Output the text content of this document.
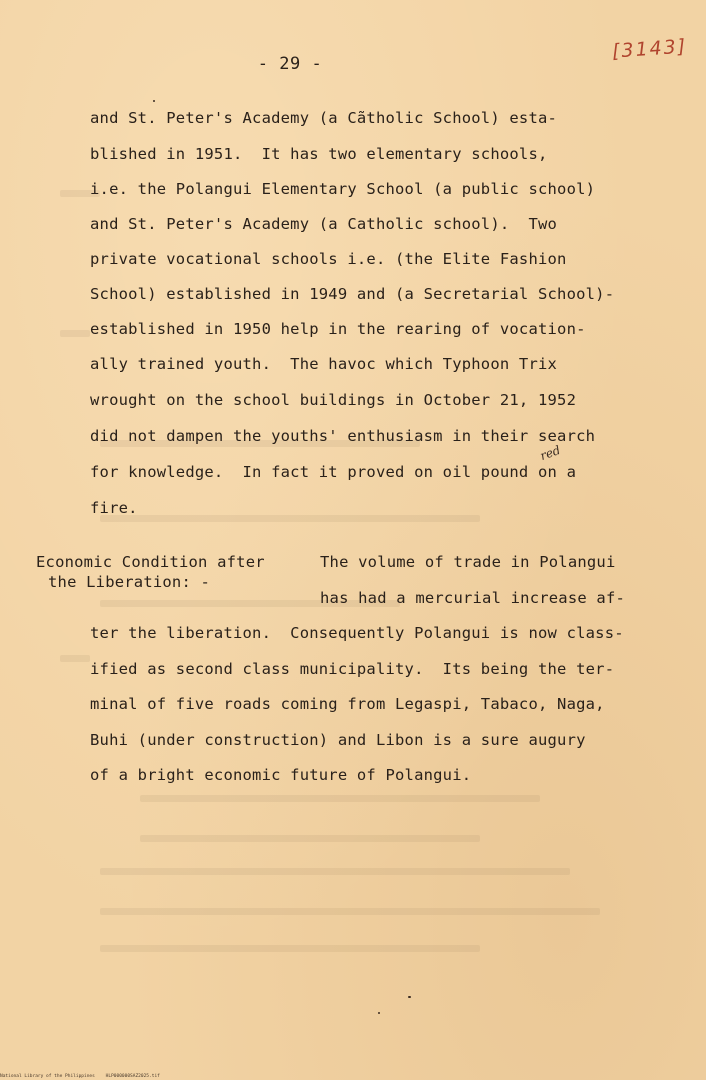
- 29 -
[3143]
and St. Peter's Academy (a Cãtholic School) esta-
blished in 1951.  It has two elementary schools,
i.e. the Polangui Elementary School (a public school)
and St. Peter's Academy (a Catholic school).  Two
private vocational schools i.e. (the Elite Fashion
School) established in 1949 and (a Secretarial School)-
established in 1950 help in the rearing of vocation-
ally trained youth.  The havoc which Typhoon Trix
wrought on the school buildings in October 21, 1952
did not dampen the youths' enthusiasm in their search
for knowledge.  In fact it proved on oil pound on a
fire.
red
Economic Condition after
the Liberation: -
The volume of trade in Polangui
has had a mercurial increase af-
ter the liberation.  Consequently Polangui is now class-
ified as second class municipality.  Its being the ter-
minal of five roads coming from Legaspi, Tabaco, Naga,
Buhi (under construction) and Libon is a sure augury
of a bright economic future of Polangui.
National Library of the Philippines HLP000000SAZ2025.tif
